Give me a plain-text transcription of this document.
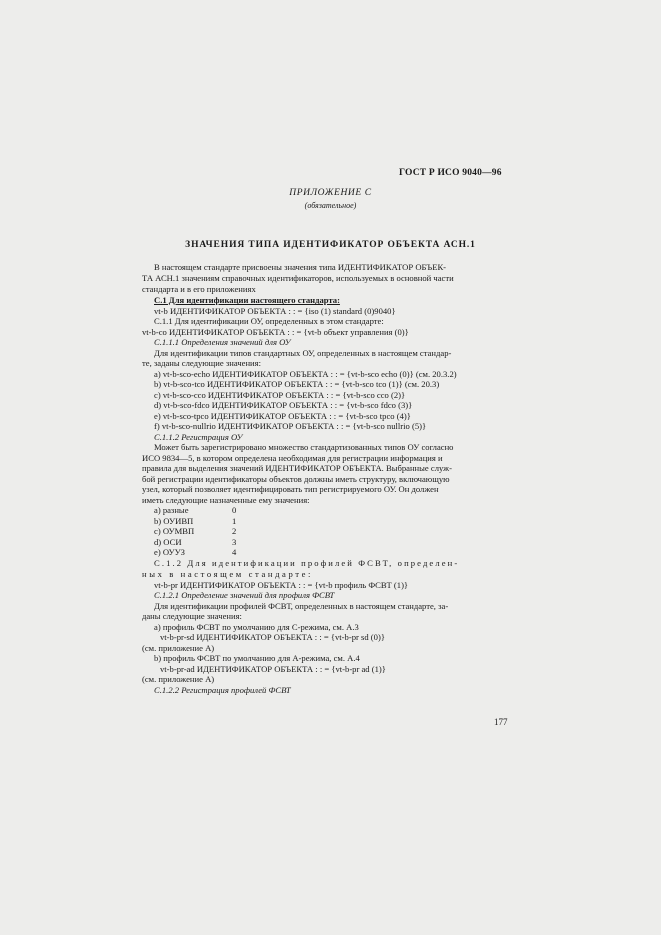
ГОСТ Р ИСО 9040—96
ПРИЛОЖЕНИЕ С
(обязательное)
ЗНАЧЕНИЯ ТИПА ИДЕНТИФИКАТОР ОБЪЕКТА АСН.1
В настоящем стандарте присвоены значения типа ИДЕНТИФИКАТОР ОБЪЕК-
ТА АСН.1 значениям справочных идентификаторов, используемых в основной части
стандарта и в его приложениях
С.1 Для идентификации настоящего стандарта:
vt-b ИДЕНТИФИКАТОР ОБЪЕКТА : : = {iso (1) standard (0)9040}
С.1.1 Для идентификации ОУ, определенных в этом стандарте:
vt-b-co ИДЕНТИФИКАТОР ОБЪЕКТА : : = {vt-b объект управления (0)}
С.1.1.1 Определения значений для ОУ
Для идентификации типов стандартных ОУ, определенных в настоящем стандар-
те, заданы следующие значения:
a) vt-b-sco-echo ИДЕНТИФИКАТОР ОБЪЕКТА : : = {vt-b-sco echo (0)} (см. 20.3.2)
b) vt-b-sco-tco ИДЕНТИФИКАТОР ОБЪЕКТА : : = {vt-b-sco tco (1)} (см. 20.3)
c) vt-b-sco-cco ИДЕНТИФИКАТОР ОБЪЕКТА : : = {vt-b-sco cco (2)}
d) vt-b-sco-fdco ИДЕНТИФИКАТОР ОБЪЕКТА : : = {vt-b-sco fdco (3)}
e) vt-b-sco-tpco ИДЕНТИФИКАТОР ОБЪЕКТА : : = {vt-b-sco tpco (4)}
f) vt-b-sco-nullrio ИДЕНТИФИКАТОР ОБЪЕКТА : : = {vt-b-sco nullrio (5)}
С.1.1.2 Регистрация ОУ
Может быть зарегистрировано множество стандартизованных типов ОУ согласно
ИСО 9834—5, в котором определена необходимая для регистрации информация и
правила для выделения значений ИДЕНТИФИКАТОР ОБЪЕКТА. Выбранные служ-
бой регистрации идентификаторы объектов должны иметь структуру, включающую
узел, который позволяет идентифицировать тип регистрируемого ОУ. Он должен
иметь следующие назначенные ему значения:
a) разные	0
b) ОУИВП	1
c) ОУМВП	2
d) ОСИ	3
e) ОУУЗ	4
С.1.2 Для идентификации профилей ФСВТ, определен-
ных в настоящем стандарте:
vt-b-pr ИДЕНТИФИКАТОР ОБЪЕКТА : : = {vt-b профиль ФСВТ (1)}
С.1.2.1 Определение значений для профиля ФСВТ
Для идентификации профилей ФСВТ, определенных в настоящем стандарте, за-
даны следующие значения:
a) профиль ФСВТ по умолчанию для С-режима, см. А.3
vt-b-pr-sd ИДЕНТИФИКАТОР ОБЪЕКТА : : = {vt-b-pr sd (0)}
(см. приложение А)
b) профиль ФСВТ по умолчанию для А-режима, см. А.4
vt-b-pr-ad ИДЕНТИФИКАТОР ОБЪЕКТА : : = {vt-b-pr ad (1)}
(см. приложение А)
С.1.2.2 Регистрация профилей ФСВТ
177
